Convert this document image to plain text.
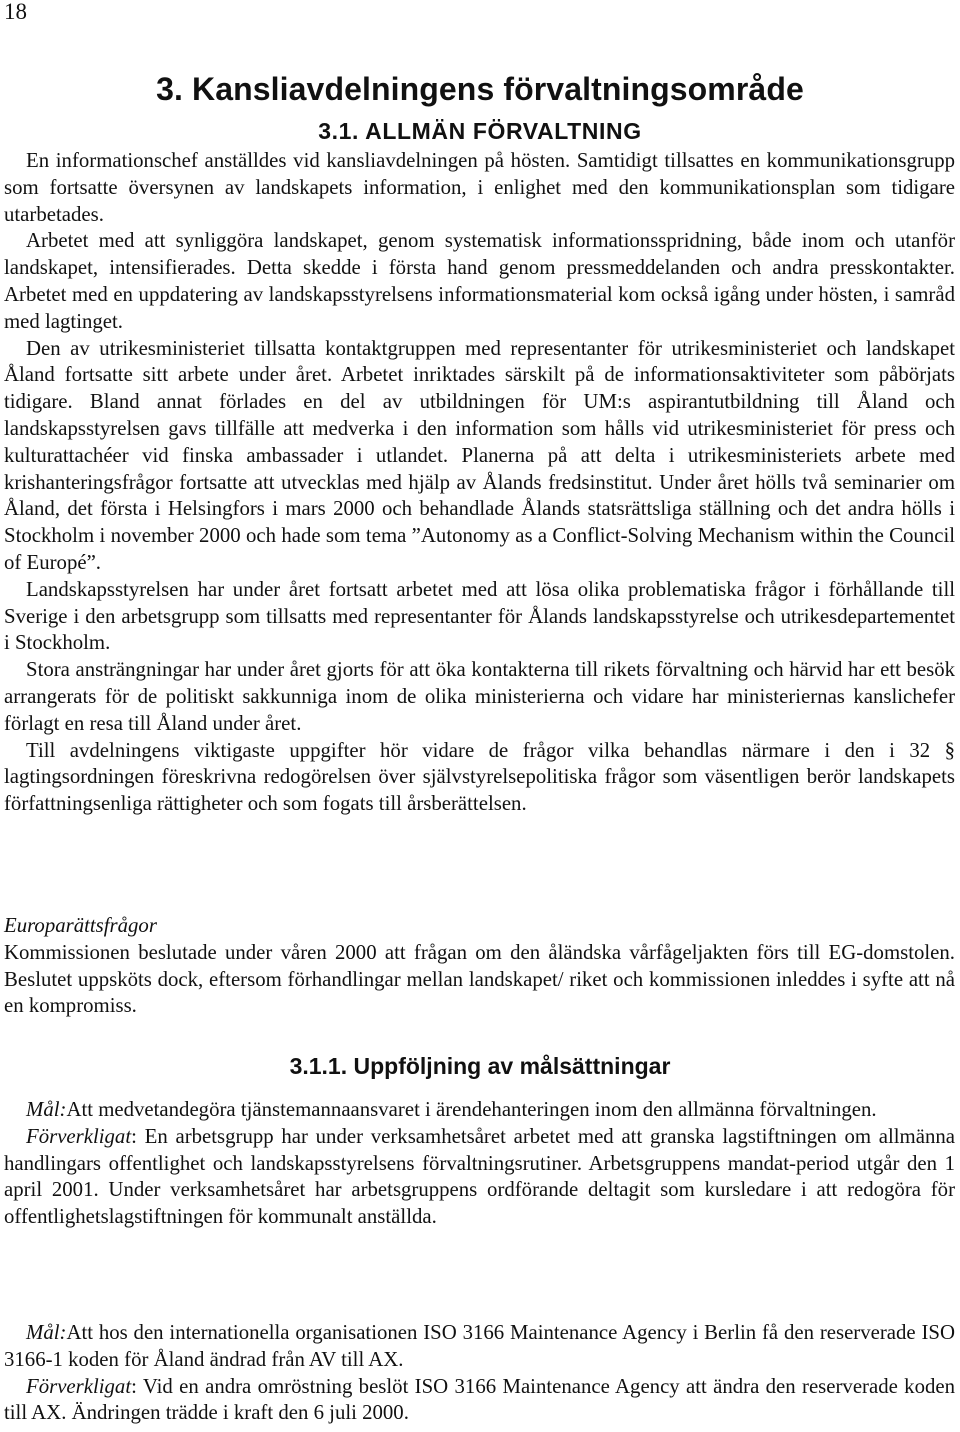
18
3. Kansliavdelningens förvaltningsområde
3.1. ALLMÄN FÖRVALTNING
En informationschef anställdes vid kansliavdelningen på hösten. Samtidigt tillsattes en kommunikationsgrupp som fortsatte översynen av landskapets information, i enlighet med den kommunikationsplan som tidigare utarbetades.
Arbetet med att synliggöra landskapet, genom systematisk informationsspridning, både inom och utanför landskapet, intensifierades. Detta skedde i första hand genom pressmeddelanden och andra presskontakter. Arbetet med en uppdatering av landskapsstyrelsens informationsmaterial kom också igång under hösten, i samråd med lagtinget.
Den av utrikesministeriet tillsatta kontaktgruppen med representanter för utrikesministeriet och landskapet Åland fortsatte sitt arbete under året. Arbetet inriktades särskilt på de informationsaktiviteter som påbörjats tidigare. Bland annat förlades en del av utbildningen för UM:s aspirantutbildning till Åland och landskapsstyrelsen gavs tillfälle att medverka i den information som hålls vid utrikesministeriet för press och kulturattachéer vid finska ambassader i utlandet. Planerna på att delta i utrikesministeriets arbete med krishanteringsfrågor fortsatte att utvecklas med hjälp av Ålands fredsinstitut. Under året hölls två seminarier om Åland, det första i Helsingfors i mars 2000 och behandlade Ålands statsrättsliga ställning och det andra hölls i Stockholm i november 2000 och hade som tema ”Autonomy as a Conflict-Solving Mechanism within the Council of Europé”.
Landskapsstyrelsen har under året fortsatt arbetet med att lösa olika problematiska frågor i förhållande till Sverige i den arbetsgrupp som tillsatts med representanter för Ålands landskapsstyrelse och utrikesdepartementet i Stockholm.
Stora ansträngningar har under året gjorts för att öka kontakterna till rikets förvaltning och härvid har ett besök arrangerats för de politiskt sakkunniga inom de olika ministerierna och vidare har ministeriernas kanslichefer förlagt en resa till Åland under året.
Till avdelningens viktigaste uppgifter hör vidare de frågor vilka behandlas närmare i den i 32 § lagtingsordningen föreskrivna redogörelsen över självstyrelsepolitiska frågor som väsentligen berör landskapets författningsenliga rättigheter och som fogats till årsberättelsen.
Europarättsfrågor
Kommissionen beslutade under våren 2000 att frågan om den åländska vårfågeljakten förs till EG-domstolen. Beslutet uppsköts dock, eftersom förhandlingar mellan landskapet/ riket och kommissionen inleddes i syfte att nå en kompromiss.
3.1.1. Uppföljning av målsättningar
Mål:Att medvetandegöra tjänstemannaansvaret i ärendehanteringen inom den allmänna förvaltningen.
Förverkligat: En arbetsgrupp har under verksamhetsåret arbetet med att granska lagstiftningen om allmänna handlingars offentlighet och landskapsstyrelsens förvaltningsrutiner. Arbetsgruppens mandat-period utgår den 1 april 2001. Under verksamhetsåret har arbetsgruppens ordförande deltagit som kursledare i att redogöra för offentlighetslagstiftningen för kommunalt anställda.
Mål:Att hos den internationella organisationen ISO 3166 Maintenance Agency i Berlin få den reserverade ISO 3166-1 koden för Åland ändrad från AV till AX.
Förverkligat: Vid en andra omröstning beslöt ISO 3166 Maintenance Agency att ändra den reserverade koden till AX. Ändringen trädde i kraft den 6 juli 2000.
